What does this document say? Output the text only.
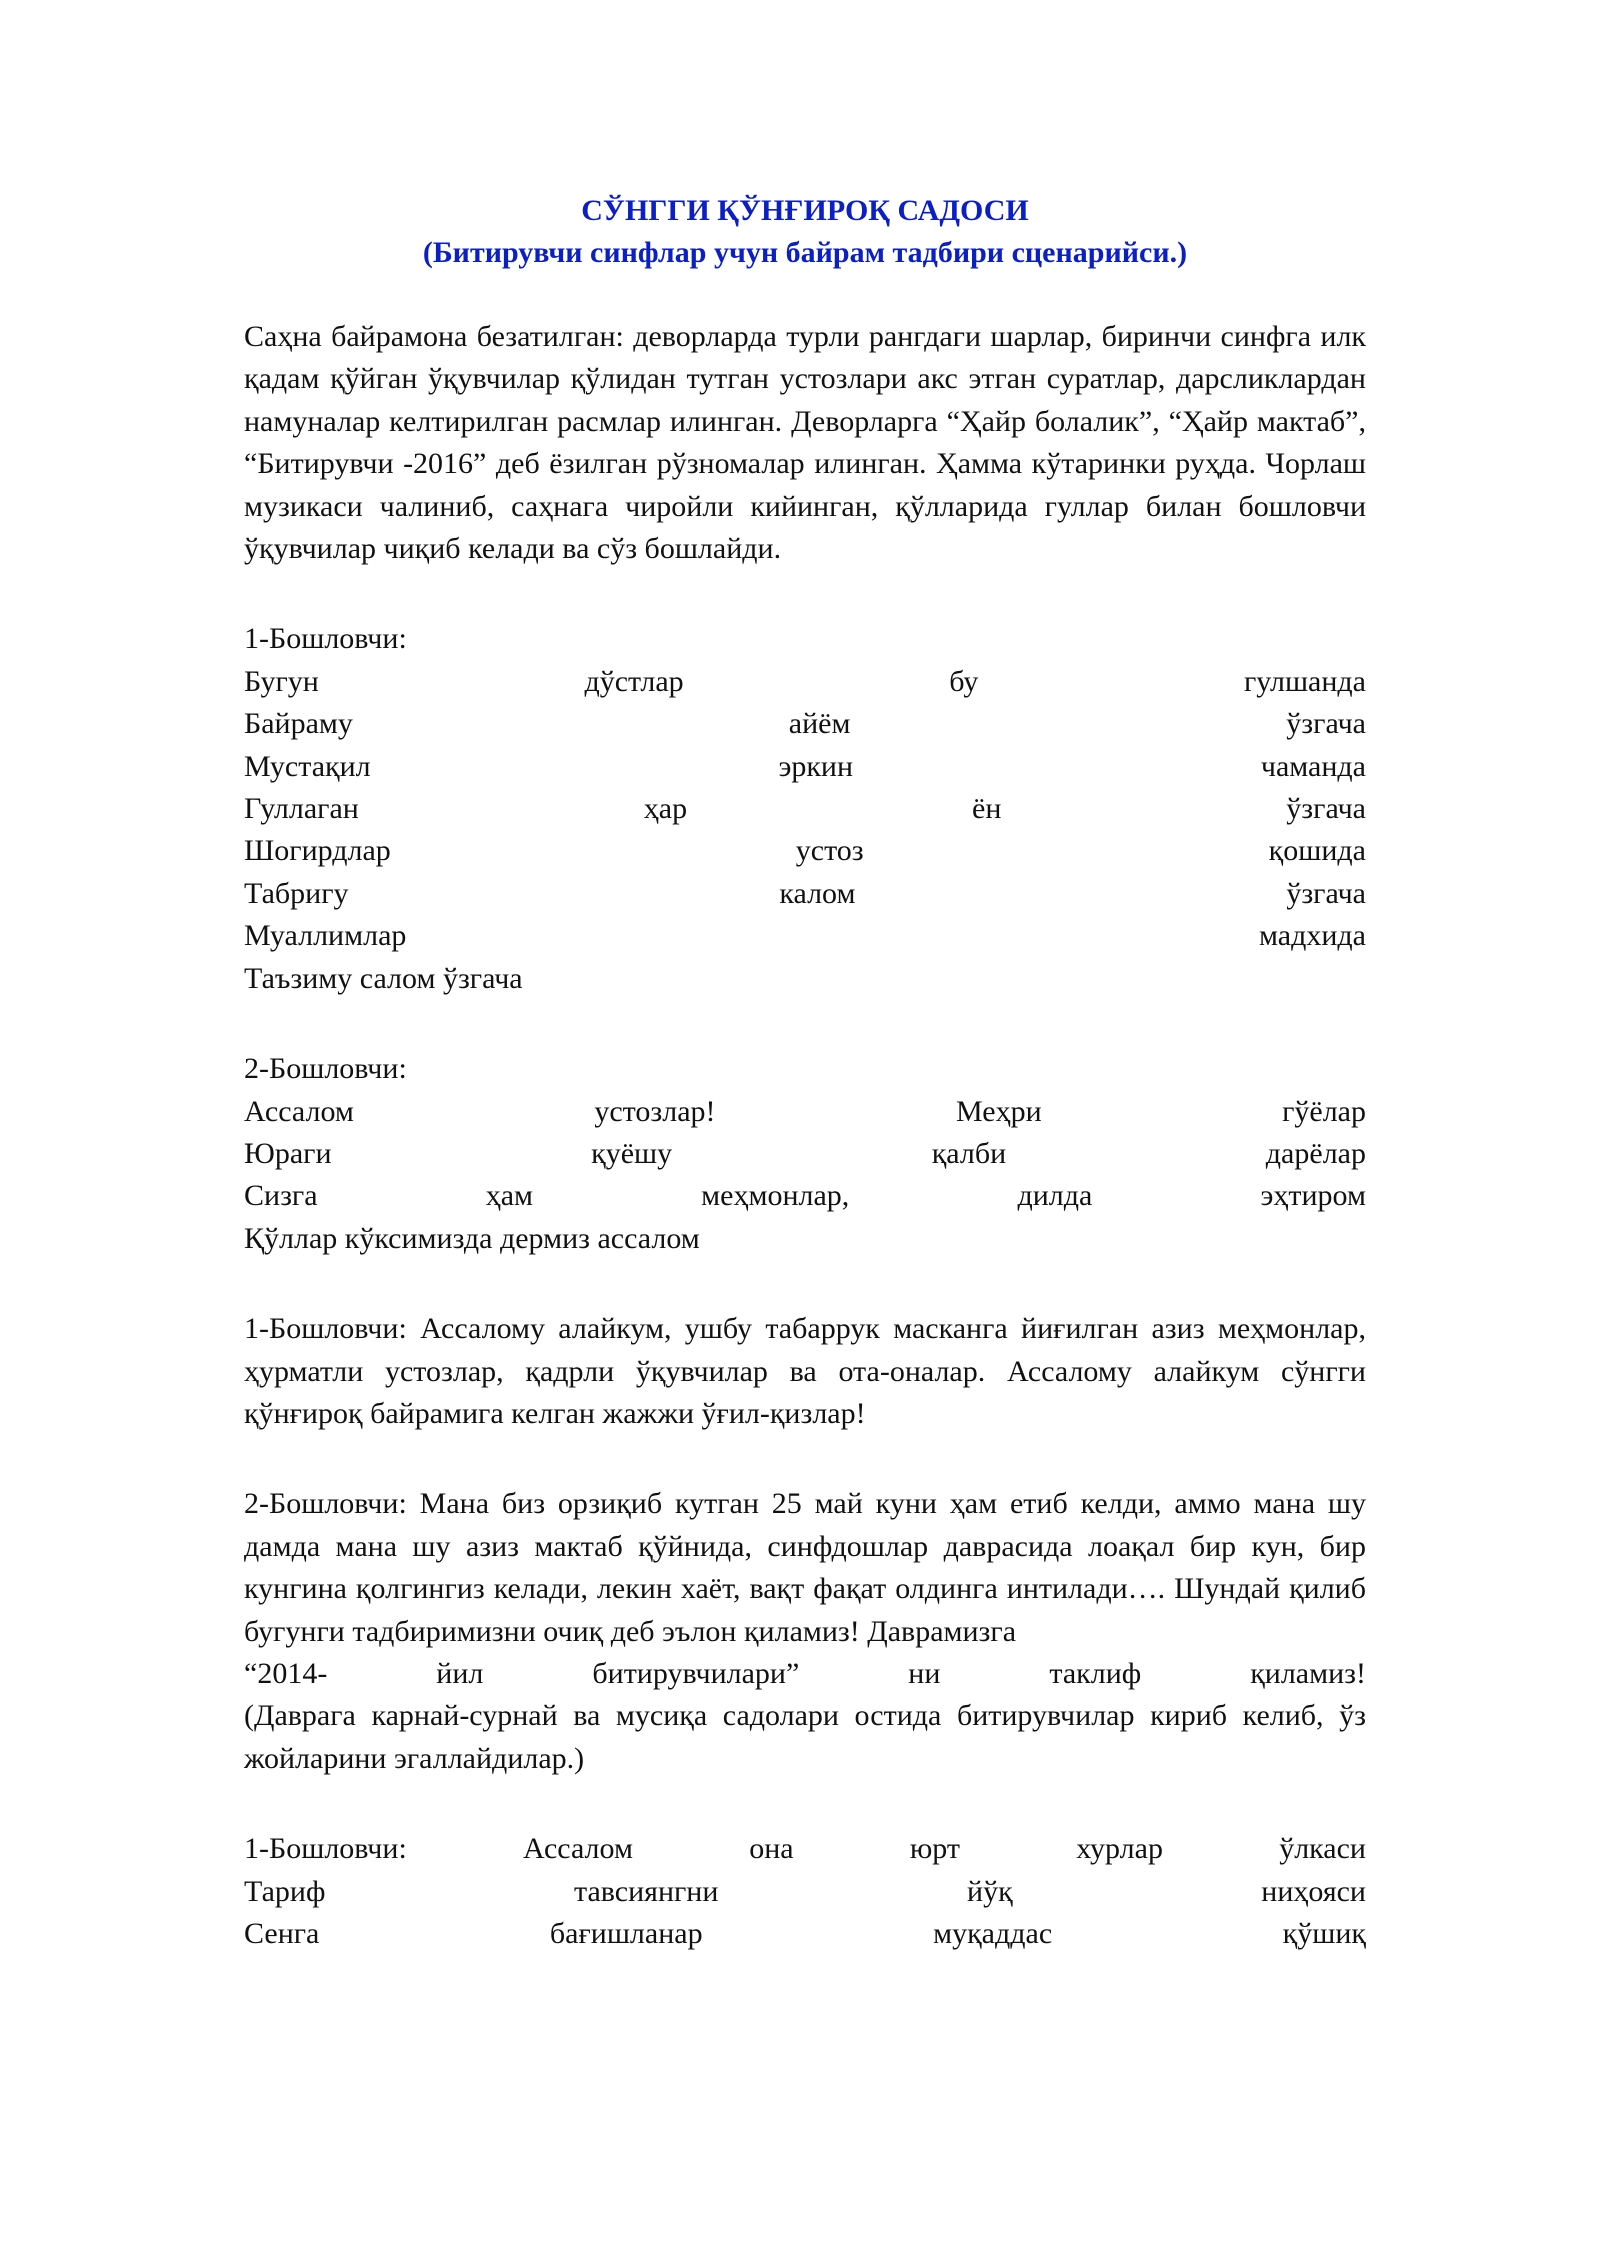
СЎНГГИ ҚЎНҒИРОҚ САДОСИ

(Битирувчи синфлар учун байрам тадбири сценарийси.)

Саҳна байрамона безатилган: деворларда турли рангдаги шарлар, биринчи синфга илк қадам қўйган ўқувчилар қўлидан тутган устозлари акс этган суратлар, дарсликлардан намуналар келтирилган расмлар илинган. Деворларга “Ҳайр болалик”, “Ҳайр мактаб”, “Битирувчи -2016” деб ёзилган рўзномалар илинган. Ҳамма кўтаринки руҳда. Чорлаш музикаси чалиниб, саҳнага чиройли кийинган, қўлларида гуллар билан бошловчи ўқувчилар чиқиб келади ва сўз бошлайди.

1-Бошловчи:
Бугун	дўстлар	бу	гулшанда
Байраму	айём	ўзгача
Мустақил	эркин	чаманда
Гуллаган	ҳар	ён	ўзгача
Шогирдлар	устоз	қошида
Табригу	калом	ўзгача
Муаллимлар	мадхида
Таъзиму салом ўзгача
2-Бошловчи:
Ассалом	устозлар!	Меҳри	гўёлар
Юраги	қуёшу	қалби	дарёлар
Сизга	ҳам	меҳмонлар,	дилда	эҳтиром
Қўллар кўксимизда дермиз ассалом

1-Бошловчи: Ассалому алайкум, ушбу табаррук масканга йиғилган азиз меҳмонлар, ҳурматли устозлар, қадрли ўқувчилар ва ота-оналар. Ассалому алайкум сўнгги қўнғироқ байрамига келган жажжи ўғил-қизлар!

2-Бошловчи: Мана биз орзиқиб кутган 25 май куни ҳам етиб келди, аммо мана шу дамда мана шу азиз мактаб қўйнида, синфдошлар даврасида лоақал бир кун, бир кунгина қолгингиз келади, лекин хаёт, вақт фақат олдинга интилади…. Шундай қилиб бугунги тадбиримизни очиқ деб эълон қиламиз! Даврамизга

“2014-	йил	битирувчилари”	ни	таклиф	қиламиз!

(Даврага карнай-сурнай ва мусиқа садолари остида битирувчилар кириб келиб, ўз жойларини эгаллайдилар.)

1-Бошловчи:	Ассалом	она	юрт	хурлар	ўлкаси
Тариф	тавсиянгни	йўқ	ниҳояси
Сенга	бағишланар	муқаддас	қўшиқ
